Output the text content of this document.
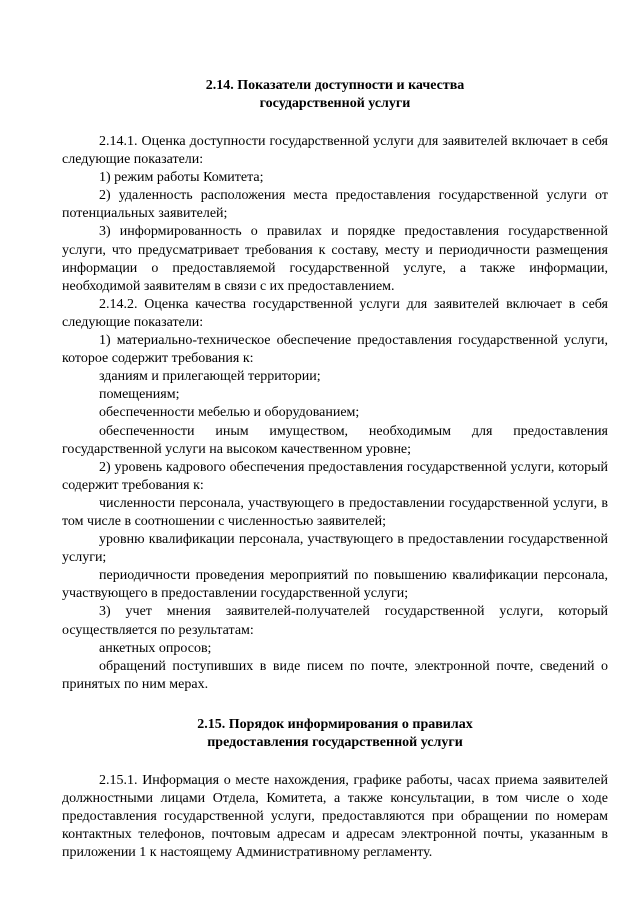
2.14. Показатели доступности и качества
государственной услуги

2.14.1. Оценка доступности государственной услуги для заявителей включает в себя следующие показатели:

1) режим работы Комитета;

2) удаленность расположения места предоставления государственной услуги от потенциальных заявителей;

3) информированность о правилах и порядке предоставления государственной услуги, что предусматривает требования к составу, месту и периодичности размещения информации о предоставляемой государственной услуге, а также информации, необходимой заявителям в связи с их предоставлением.

2.14.2. Оценка качества государственной услуги для заявителей включает в себя следующие показатели:

1) материально-техническое обеспечение предоставления государственной услуги, которое содержит требования к:

зданиям и прилегающей территории;

помещениям;

обеспеченности мебелью и оборудованием;

обеспеченности иным имуществом, необходимым для предоставления государственной услуги на высоком качественном уровне;

2) уровень кадрового обеспечения предоставления государственной услуги, который содержит требования к:

численности персонала, участвующего в предоставлении государственной услуги, в том числе в соотношении с численностью заявителей;

уровню квалификации персонала, участвующего в предоставлении государственной услуги;

периодичности проведения мероприятий по повышению квалификации персонала, участвующего в предоставлении государственной услуги;

3) учет мнения заявителей-получателей государственной услуги, который осуществляется по результатам:

анкетных опросов;

обращений поступивших в виде писем по почте, электронной почте, сведений о принятых по ним мерах.

2.15. Порядок информирования о правилах
предоставления государственной услуги

2.15.1. Информация о месте нахождения, графике работы, часах приема заявителей должностными лицами Отдела, Комитета, а также консультации, в том числе о ходе предоставления государственной услуги, предоставляются при обращении по номерам контактных телефонов, почтовым адресам и адресам электронной почты, указанным в приложении 1 к настоящему Административному регламенту.
